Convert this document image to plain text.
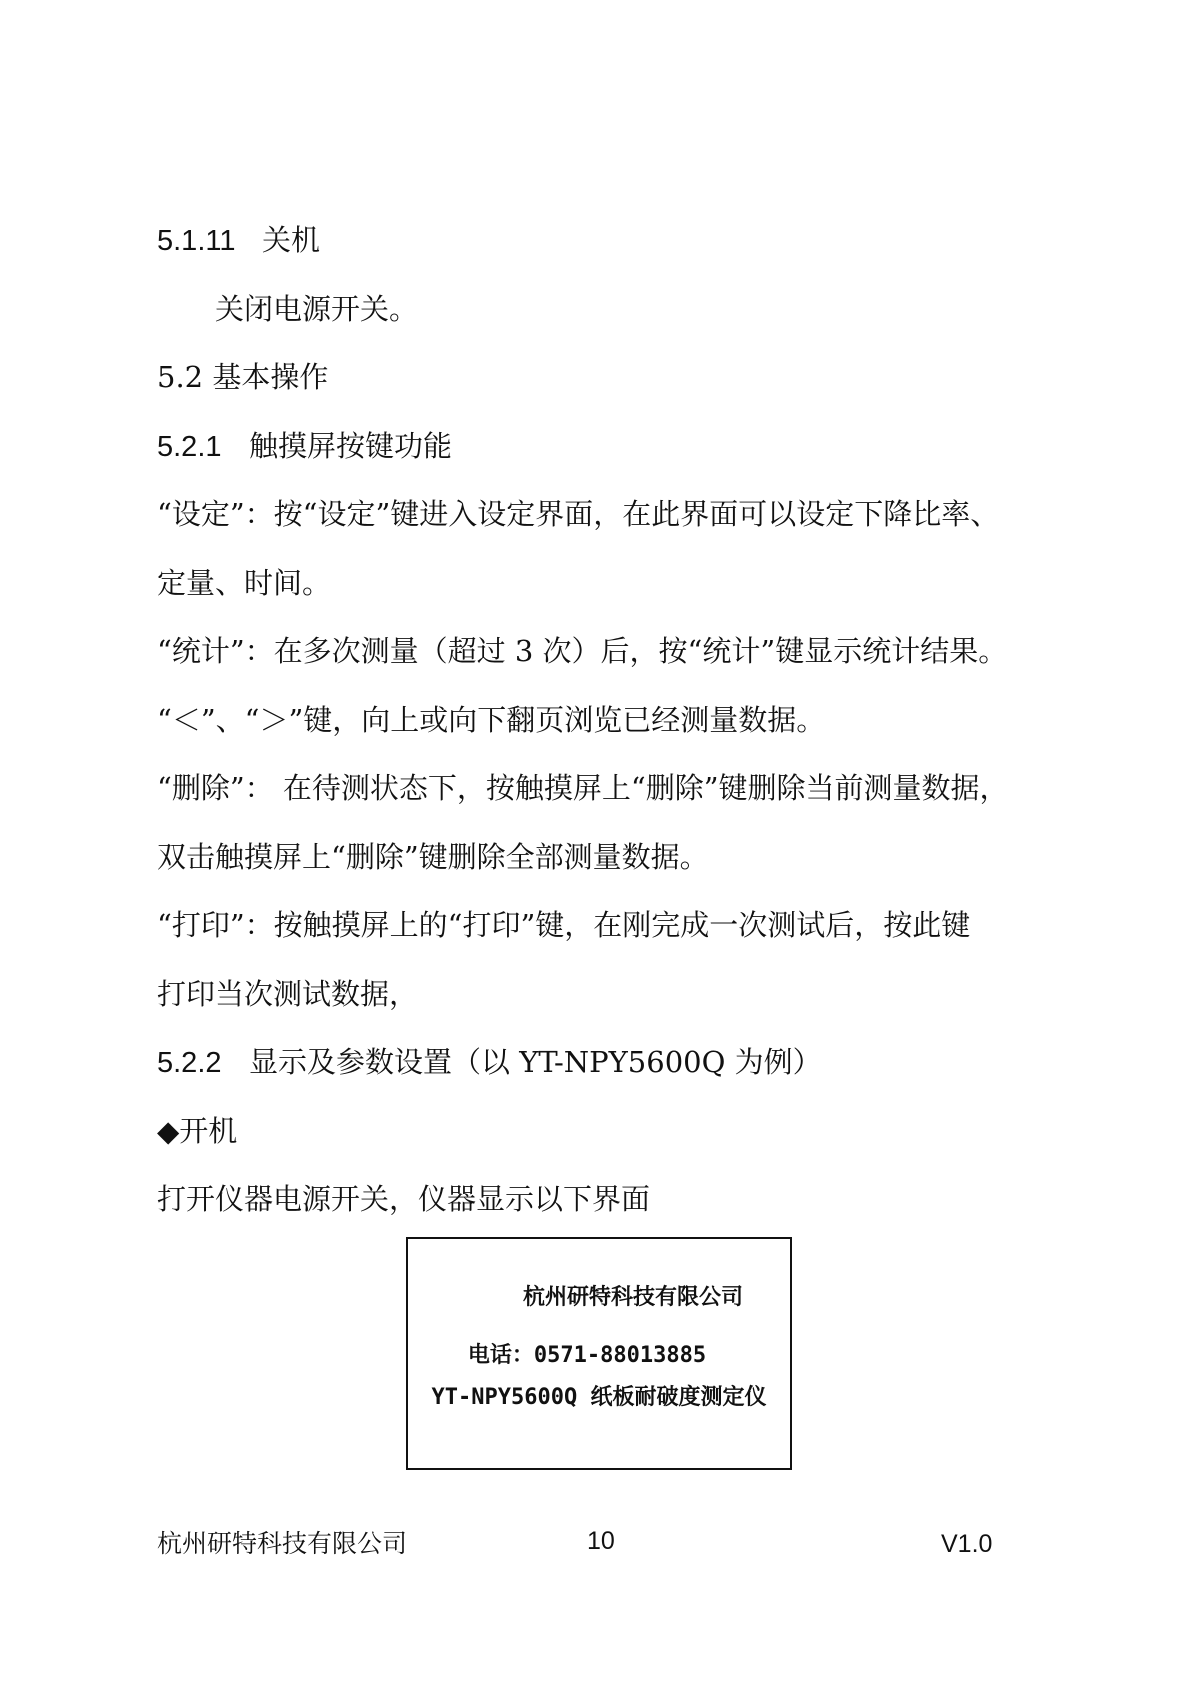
5.1.11 关机
关闭电源开关。
5.2 基本操作
5.2.1 触摸屏按键功能
“设定”：按“设定”键进入设定界面，在此界面可以设定下降比率、
定量、时间。
“统计”：在多次测量（超过 3 次）后，按“统计”键显示统计结果。
“＜”、“＞”键，向上或向下翻页浏览已经测量数据。
“删除”： 在待测状态下，按触摸屏上“删除”键删除当前测量数据，
双击触摸屏上“删除”键删除全部测量数据。
“打印”：按触摸屏上的“打印”键，在刚完成一次测试后，按此键
打印当次测试数据，
5.2.2 显示及参数设置（以 YT-NPY5600Q 为例）
◆开机
打开仪器电源开关，仪器显示以下界面
杭州研特科技有限公司
电话：0571-88013885
YT-NPY5600Q 纸板耐破度测定仪
杭州研特科技有限公司	10	V1.0
